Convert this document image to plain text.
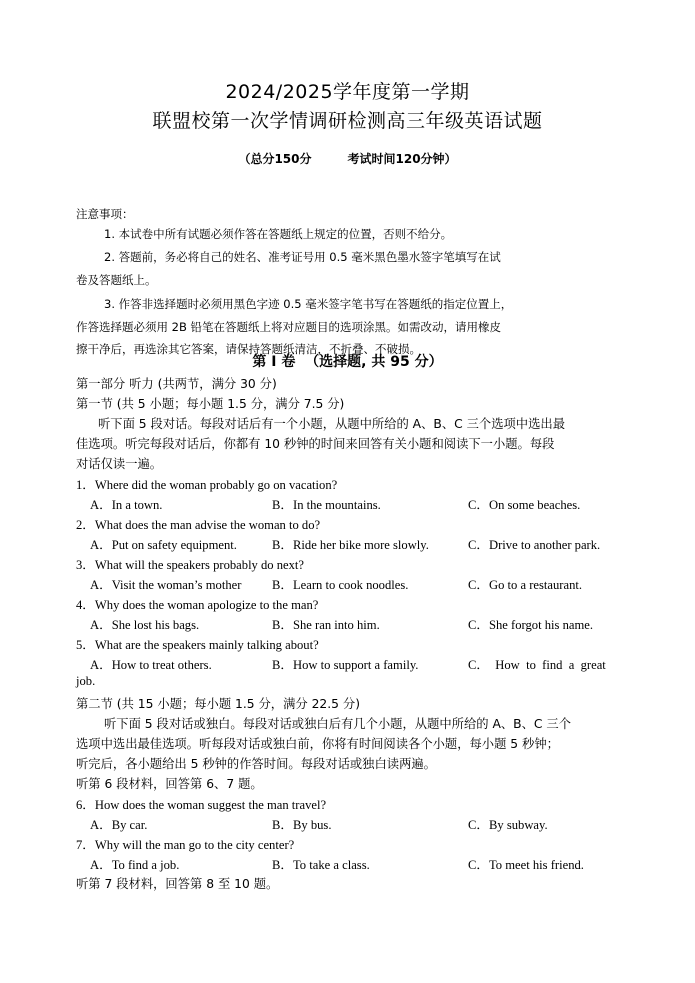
2024/2025学年度第一学期
联盟校第一次学情调研检测高三年级英语试题
（总分150分	考试时间120分钟）
注意事项：
1. 本试卷中所有试题必须作答在答题纸上规定的位置，否则不给分。
2. 答题前，务必将自己的姓名、准考证号用 0.5 毫米黑色墨水签字笔填写在试
卷及答题纸上。
3. 作答非选择题时必须用黑色字迹 0.5 毫米签字笔书写在答题纸的指定位置上，
作答选择题必须用 2B 铅笔在答题纸上将对应题目的选项涂黑。如需改动，请用橡皮
擦干净后，再选涂其它答案，请保持答题纸清洁，不折叠、不破损。
第 Ⅰ 卷 （选择题, 共 95 分）
第一部分 听力 (共两节，满分 30 分)
第一节 (共 5 小题；每小题 1.5 分，满分 7.5 分)
听下面 5 段对话。每段对话后有一个小题，从题中所给的 A、B、C 三个选项中选出最
佳选项。听完每段对话后，你都有 10 秒钟的时间来回答有关小题和阅读下一小题。每段
对话仅读一遍。
1．Where did the woman probably go on vacation?
A．In a town.	B．In the mountains.	C．On some beaches.
2．What does the man advise the woman to do?
A．Put on safety equipment.	B．Ride her bike more slowly.	C．Drive to another park.
3．What will the speakers probably do next?
A．Visit the woman’s mother B．Learn to cook noodles.	C．Go to a restaurant.
4．Why does the woman apologize to the man?
A．She lost his bags.	B．She ran into him.	C．She forgot his name.
5．What are the speakers mainly talking about?
A．How to treat others.	B．How to support a family.	C．  How  to  find  a  great
job.
第二节 (共 15 小题；每小题 1.5 分，满分 22.5 分)
听下面 5 段对话或独白。每段对话或独白后有几个小题，从题中所给的 A、B、C 三个
选项中选出最佳选项。听每段对话或独白前，你将有时间阅读各个小题，每小题 5 秒钟；
听完后，各小题给出 5 秒钟的作答时间。每段对话或独白读两遍。
听第 6 段材料，回答第 6、7 题。
6．How does the woman suggest the man travel?
A．By car.	B．By bus.	C．By subway.
7．Why will the man go to the city center?
A．To find a job.	B．To take a class.	C．To meet his friend.
听第 7 段材料，回答第 8 至 10 题。
